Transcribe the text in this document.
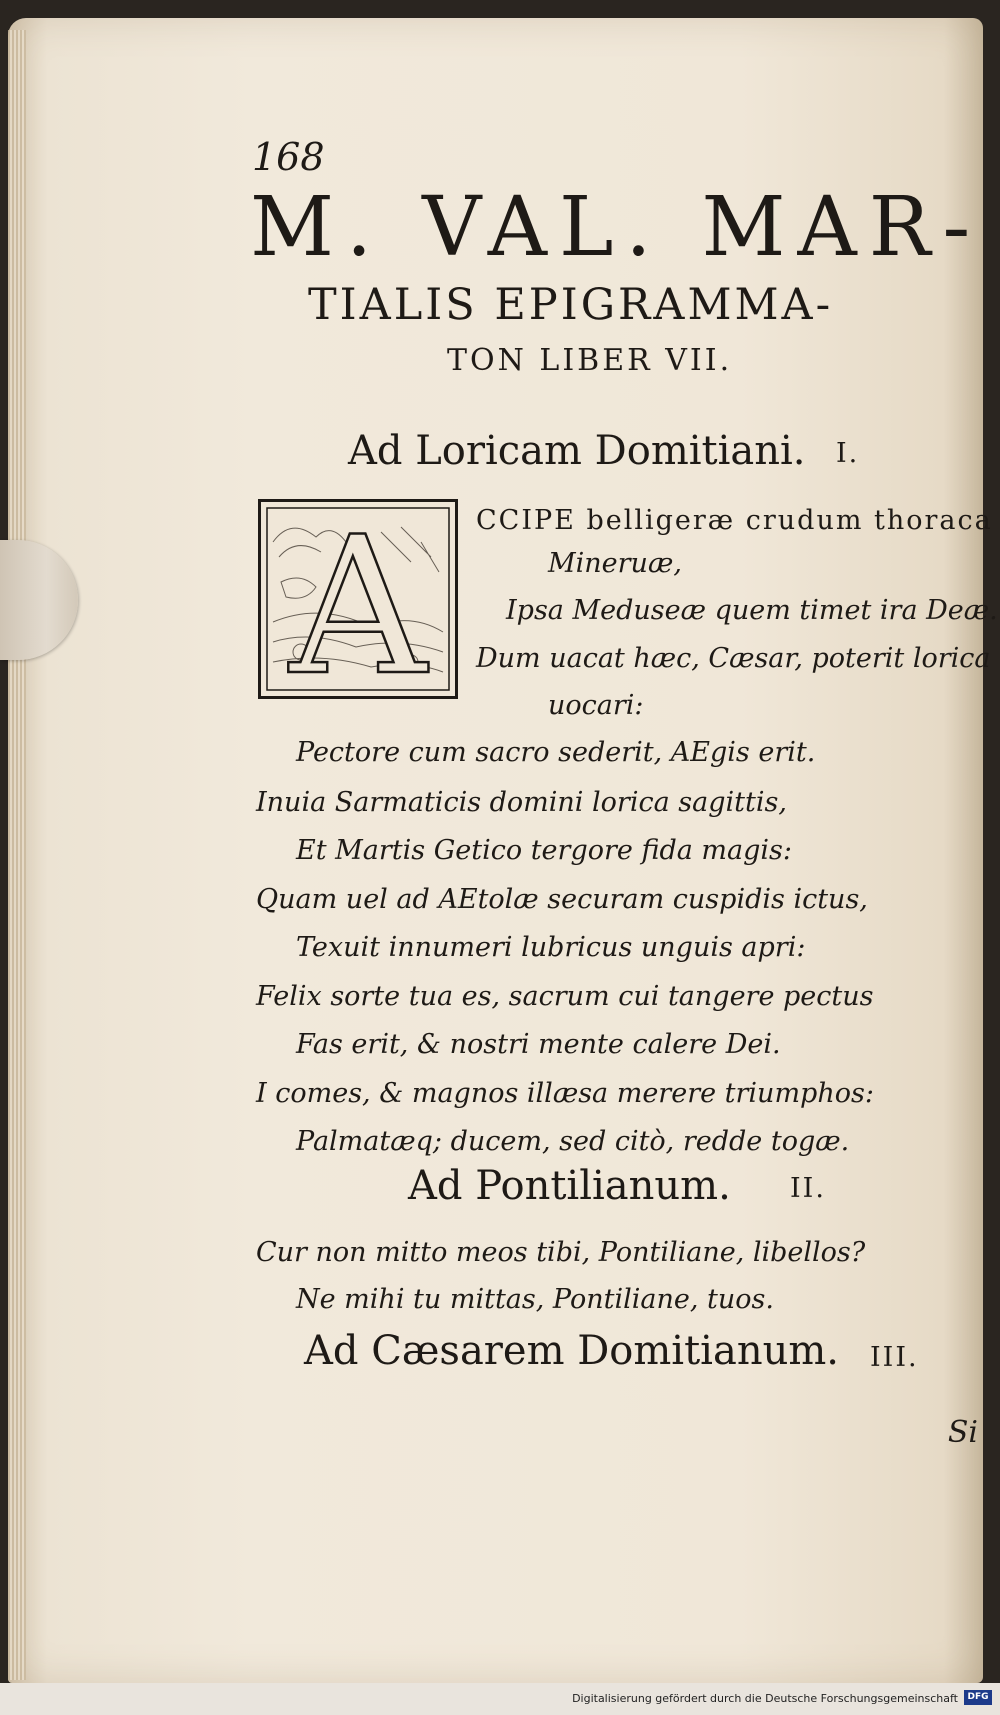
168
M. VAL. MAR-
TIALIS EPIGRAMMA-
TON LIBER VII.
Ad Loricam Domitiani. I.
A CCIPE belligeræ crudum thoraca
Mineruæ,
Ipsa Meduseæ quem timet ira Deæ.
Dum uacat hæc, Cæsar, poterit lorica
uocari:
Pectore cum sacro sederit, AEgis erit.
Inuia Sarmaticis domini lorica sagittis,
Et Martis Getico tergore fida magis:
Quam uel ad AEtolæ securam cuspidis ictus,
Texuit innumeri lubricus unguis apri:
Felix sorte tua es, sacrum cui tangere pectus
Fas erit, & nostri mente calere Dei.
I comes, & magnos illæsa merere triumphos:
Palmatæq; ducem, sed citò, redde togæ.
Ad Pontilianum. II.
Cur non mitto meos tibi, Pontiliane, libellos?
Ne mihi tu mittas, Pontiliane, tuos.
Ad Cæsarem Domitianum. III.
Si
Digitalisierung gefördert durch die Deutsche Forschungsgemeinschaft	DFG
